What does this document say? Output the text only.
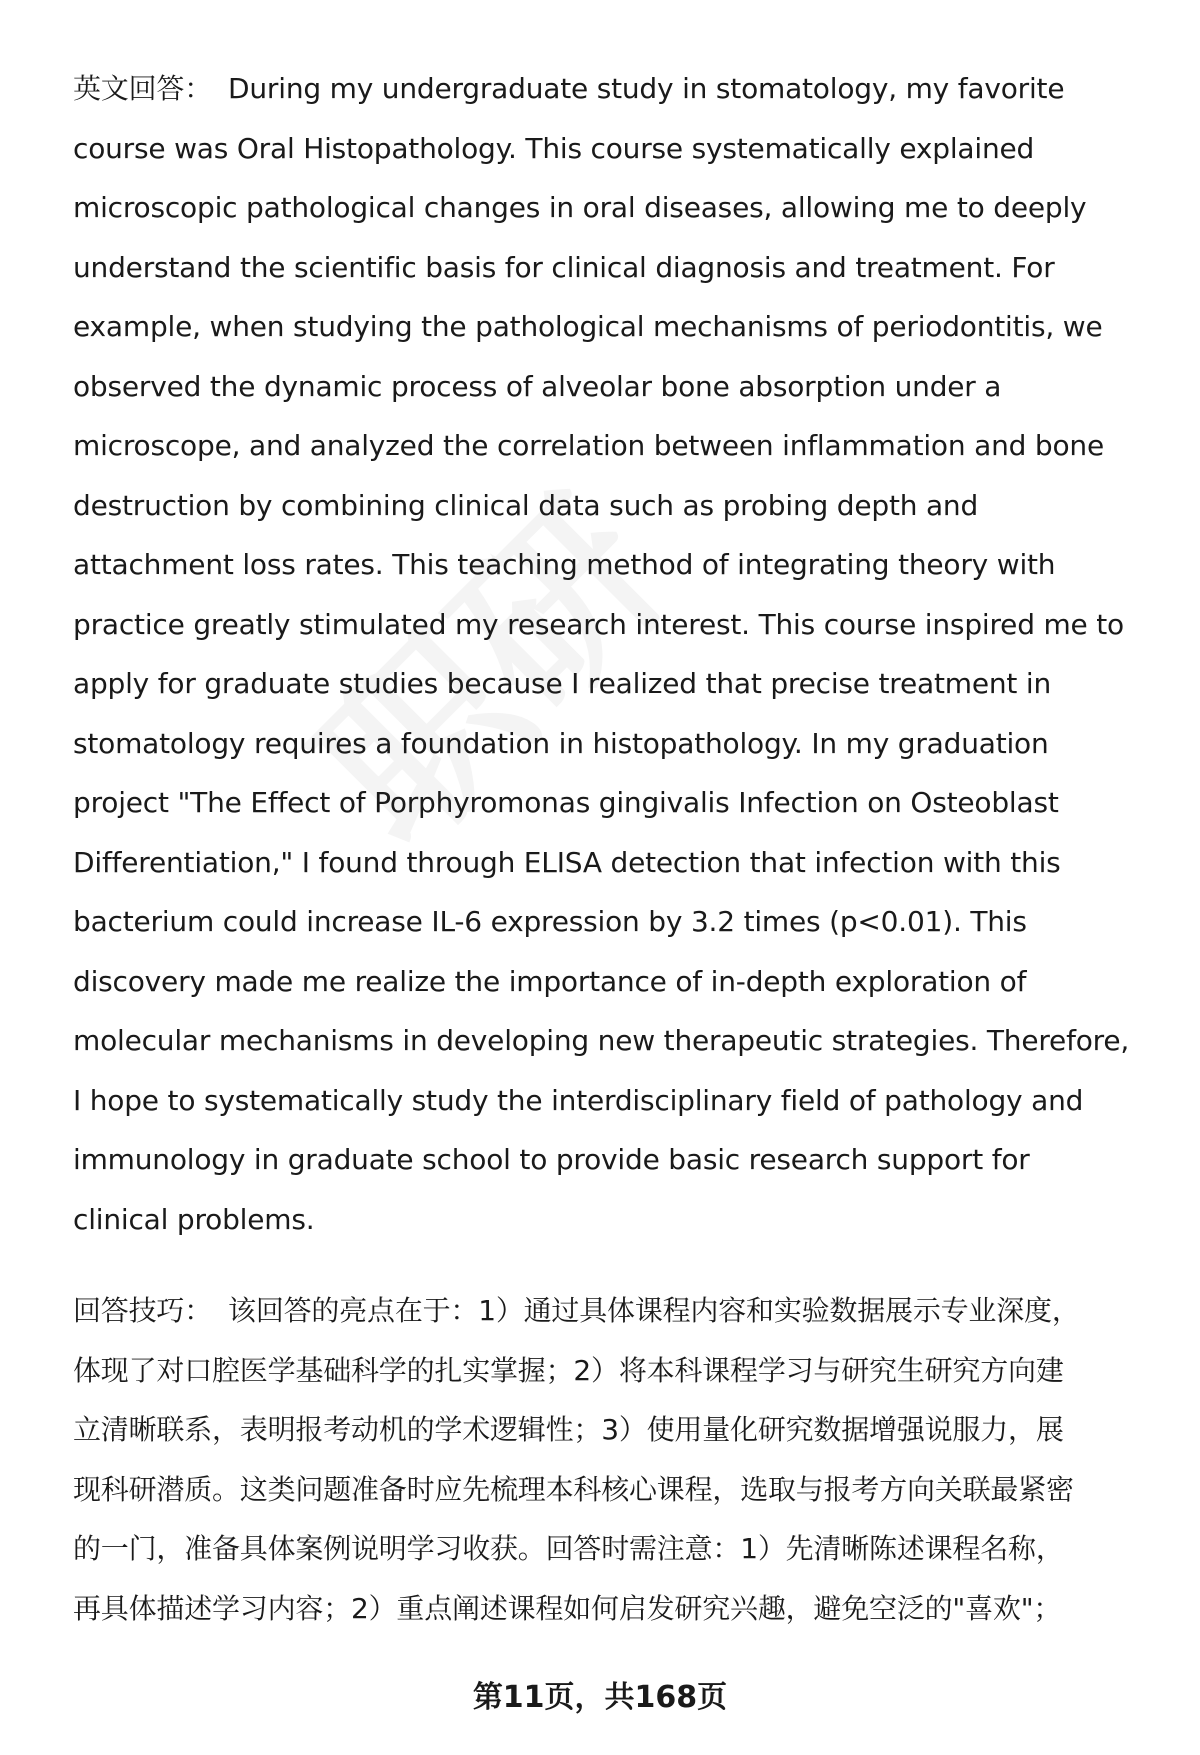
英文回答： During my undergraduate study in stomatology, my favorite
course was Oral Histopathology. This course systematically explained
microscopic pathological changes in oral diseases, allowing me to deeply
understand the scientific basis for clinical diagnosis and treatment. For
example, when studying the pathological mechanisms of periodontitis, we
observed the dynamic process of alveolar bone absorption under a
microscope, and analyzed the correlation between inflammation and bone
destruction by combining clinical data such as probing depth and
attachment loss rates. This teaching method of integrating theory with
practice greatly stimulated my research interest. This course inspired me to
apply for graduate studies because I realized that precise treatment in
stomatology requires a foundation in histopathology. In my graduation
project "The Effect of Porphyromonas gingivalis Infection on Osteoblast
Differentiation," I found through ELISA detection that infection with this
bacterium could increase IL-6 expression by 3.2 times (p<0.01). This
discovery made me realize the importance of in-depth exploration of
molecular mechanisms in developing new therapeutic strategies. Therefore,
I hope to systematically study the interdisciplinary field of pathology and
immunology in graduate school to provide basic research support for
clinical problems.
回答技巧： 该回答的亮点在于：1）通过具体课程内容和实验数据展示专业深度，
体现了对口腔医学基础科学的扎实掌握；2）将本科课程学习与研究生研究方向建
立清晰联系，表明报考动机的学术逻辑性；3）使用量化研究数据增强说服力，展
现科研潜质。这类问题准备时应先梳理本科核心课程，选取与报考方向关联最紧密
的一门，准备具体案例说明学习收获。回答时需注意：1）先清晰陈述课程名称，
再具体描述学习内容；2）重点阐述课程如何启发研究兴趣，避免空泛的"喜欢"；
第11页，共168页
